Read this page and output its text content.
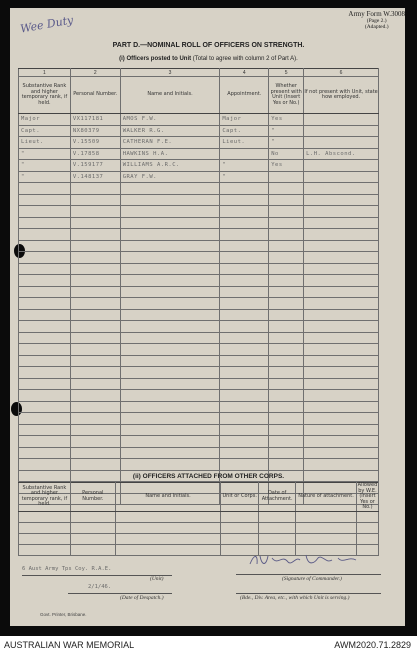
Wee Duty	Army Form W.3008
(Page 2.)
(Adapted.)
PART D.—NOMINAL ROLL OF OFFICERS ON STRENGTH.
(i) Officers posted to Unit (Total to agree with column 2 of Part A).
1	2	3	4	5	6
Substantive Rank and higher temporary rank, if held.	Personal Number.	Name and Initials.	Appointment.	Whether present with Unit (Insert Yes or No.)	If not present with Unit, state how employed.
Major	VX117181	AMOS F.W.	Major	Yes	
Capt.	NX80379	WALKER R.G.	Capt.	"	
Lieut.	V.15509	CATHERAN F.E.	Lieut.	"	
"	V.17858	HAWKINS H.A.		No	L.H. Abscond.
"	V.159177	WILLIAMS A.R.C.	"	Yes	
"	V.148137	GRAY F.W.	"		

(ii) OFFICERS ATTACHED FROM OTHER CORPS.
Substantive Rank and higher temporary rank, if held.	Personal Number.	Name and Initials.	Unit or Corps.	Date of Attachment.	Nature of attachment.	Allowed by W.E. (Insert Yes or No.)

6 Aust Army Tps Coy. R.A.E.
(Unit)	(Signature of Commander.)
2/1/46.
(Date of Despatch.)	(Bde., Div. Area, etc., with which Unit is serving.)
Govt. Printer, Brisbane.
AUSTRALIAN WAR MEMORIAL	AWM2020.71.2829
